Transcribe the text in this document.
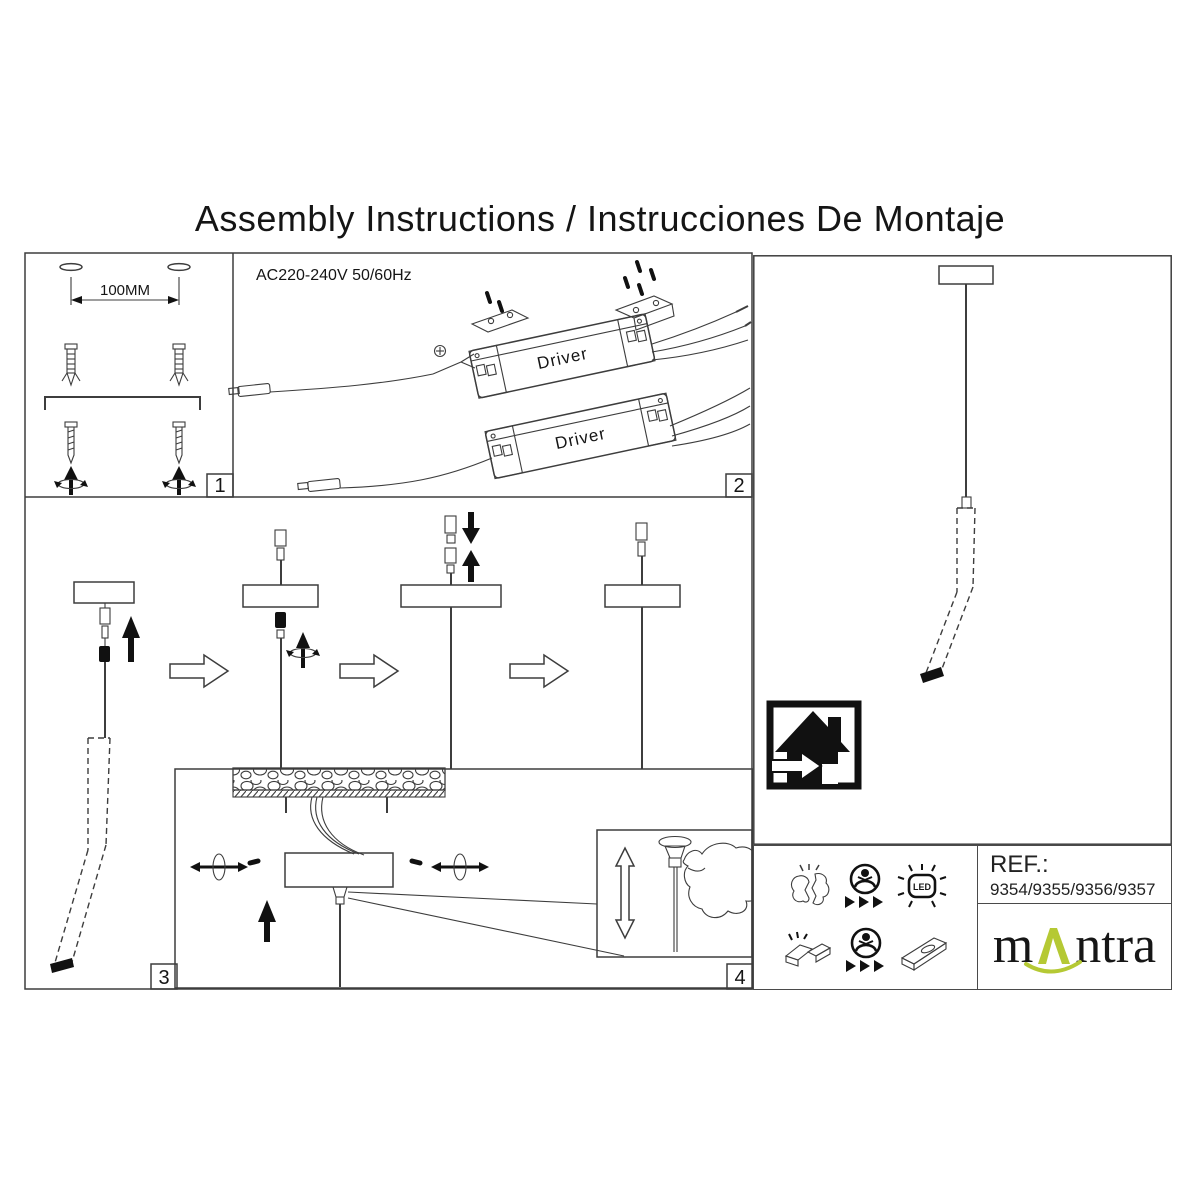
Assembly Instructions / Instrucciones De Montaje
100MM
1
AC220-240V 50/60Hz
Driver
Driver
2
3	4
LED
REF.:
9354/9355/9356/9357
m ntra
